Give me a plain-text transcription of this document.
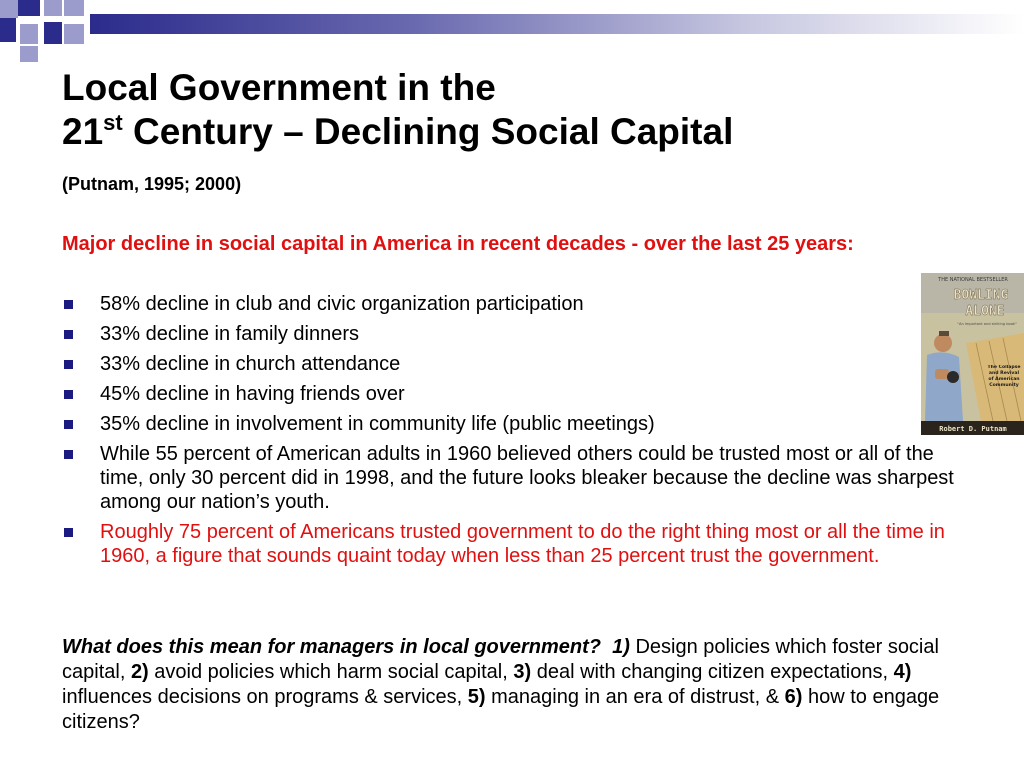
Local Government in the
21st Century – Declining Social Capital
(Putnam, 1995; 2000)
Major decline in social capital in America in recent decades - over the last 25 years:
58% decline in club and civic organization participation
33% decline in family dinners
33% decline in church attendance
45% decline in having friends over
35% decline in involvement in community life (public meetings)
While 55 percent of American adults in 1960 believed others could be trusted most or all of the time, only 30 percent did in 1998, and the future looks bleaker because the decline was sharpest among our nation’s youth.
Roughly 75 percent of Americans trusted government to do the right thing most or all the time in 1960, a figure that sounds quaint today when less than 25 percent trust the government.
THE NATIONAL BESTSELLER
BOWLING
ALONE
"An important and striking book"
The Collapse and Revival of American Community
Robert D. Putnam
What does this mean for managers in local government? 1) Design policies which foster social capital, 2) avoid policies which harm social capital, 3) deal with changing citizen expectations, 4) influences decisions on programs & services, 5) managing in an era of distrust, & 6) how to engage citizens?
